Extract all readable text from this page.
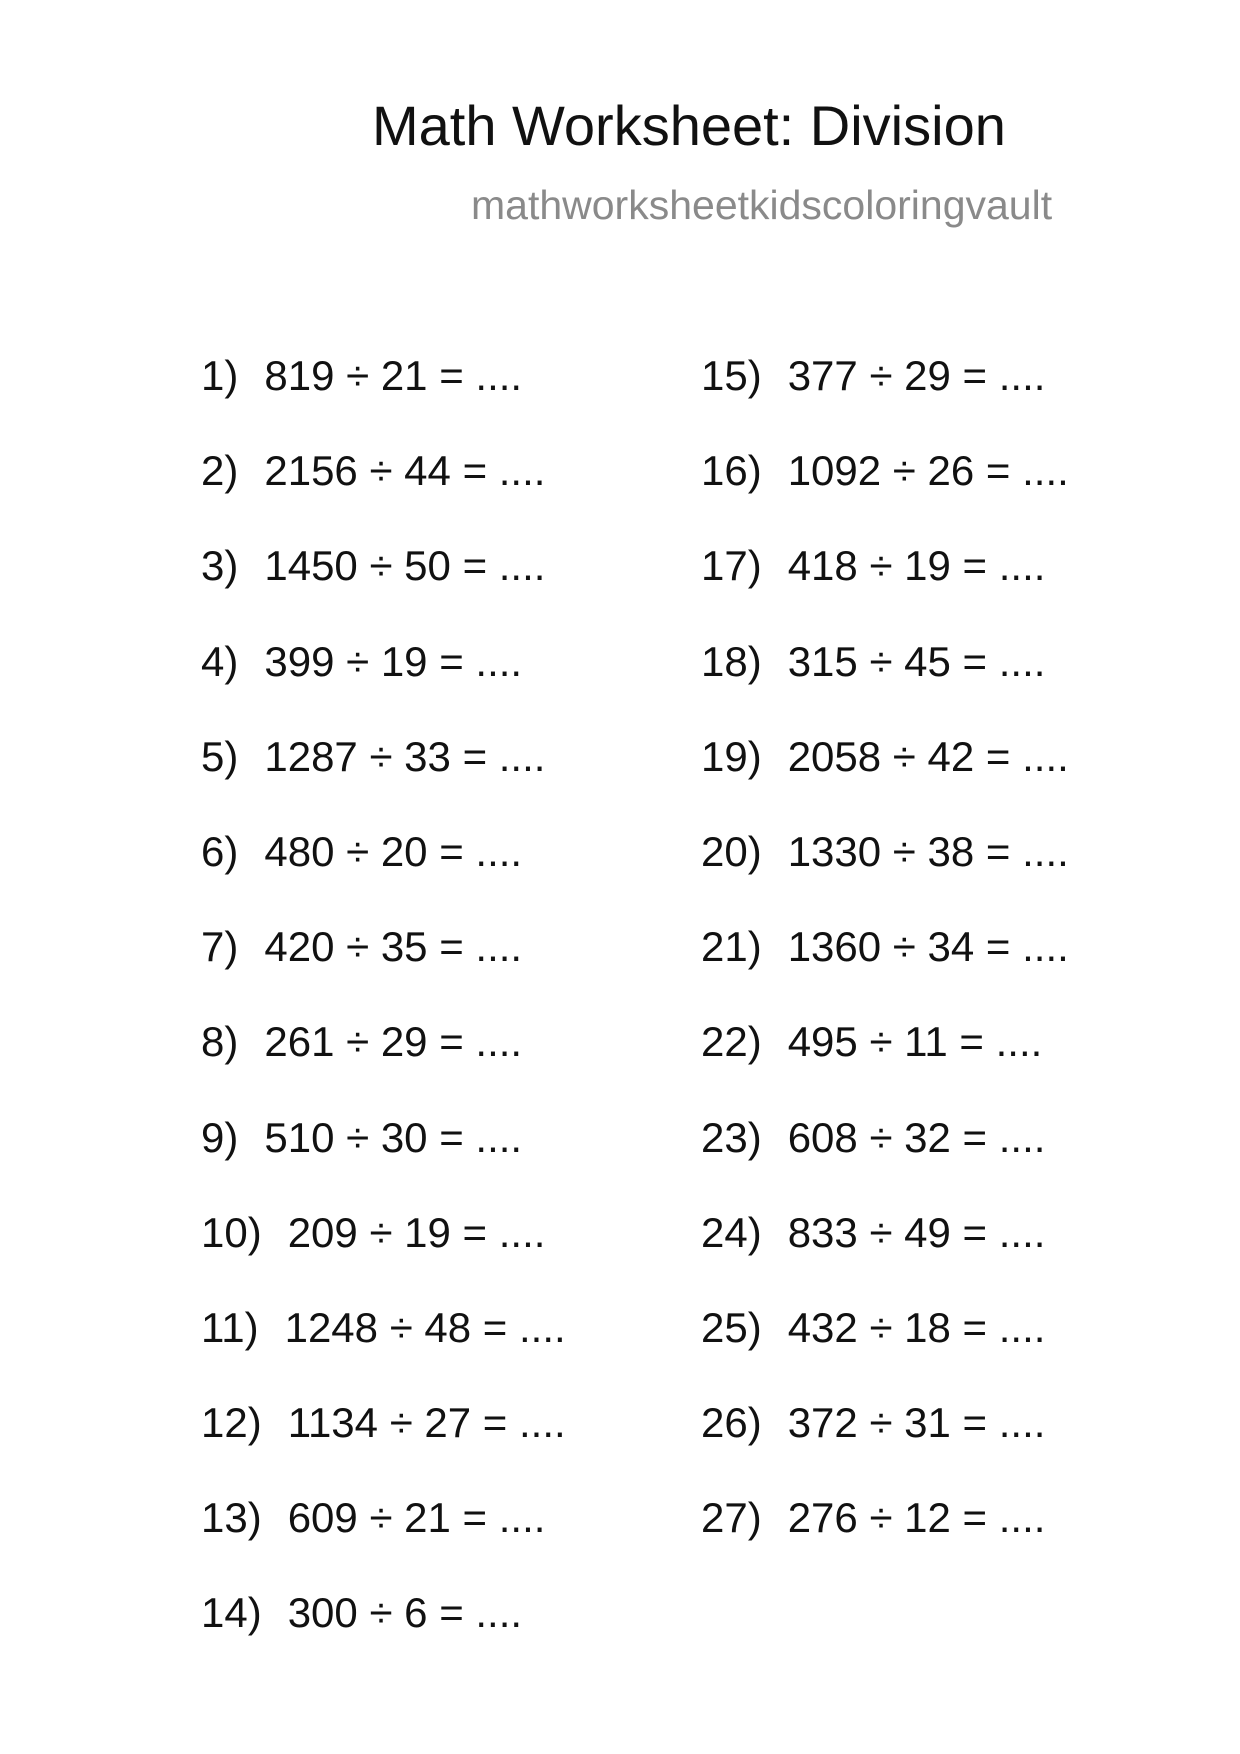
Math Worksheet: Division
mathworksheetkidscoloringvault
1) 819 ÷ 21 = ....
2) 2156 ÷ 44 = ....
3) 1450 ÷ 50 = ....
4) 399 ÷ 19 = ....
5) 1287 ÷ 33 = ....
6) 480 ÷ 20 = ....
7) 420 ÷ 35 = ....
8) 261 ÷ 29 = ....
9) 510 ÷ 30 = ....
10) 209 ÷ 19 = ....
11) 1248 ÷ 48 = ....
12) 1134 ÷ 27 = ....
13) 609 ÷ 21 = ....
14) 300 ÷ 6 = ....
15) 377 ÷ 29 = ....
16) 1092 ÷ 26 = ....
17) 418 ÷ 19 = ....
18) 315 ÷ 45 = ....
19) 2058 ÷ 42 = ....
20) 1330 ÷ 38 = ....
21) 1360 ÷ 34 = ....
22) 495 ÷ 11 = ....
23) 608 ÷ 32 = ....
24) 833 ÷ 49 = ....
25) 432 ÷ 18 = ....
26) 372 ÷ 31 = ....
27) 276 ÷ 12 = ....
